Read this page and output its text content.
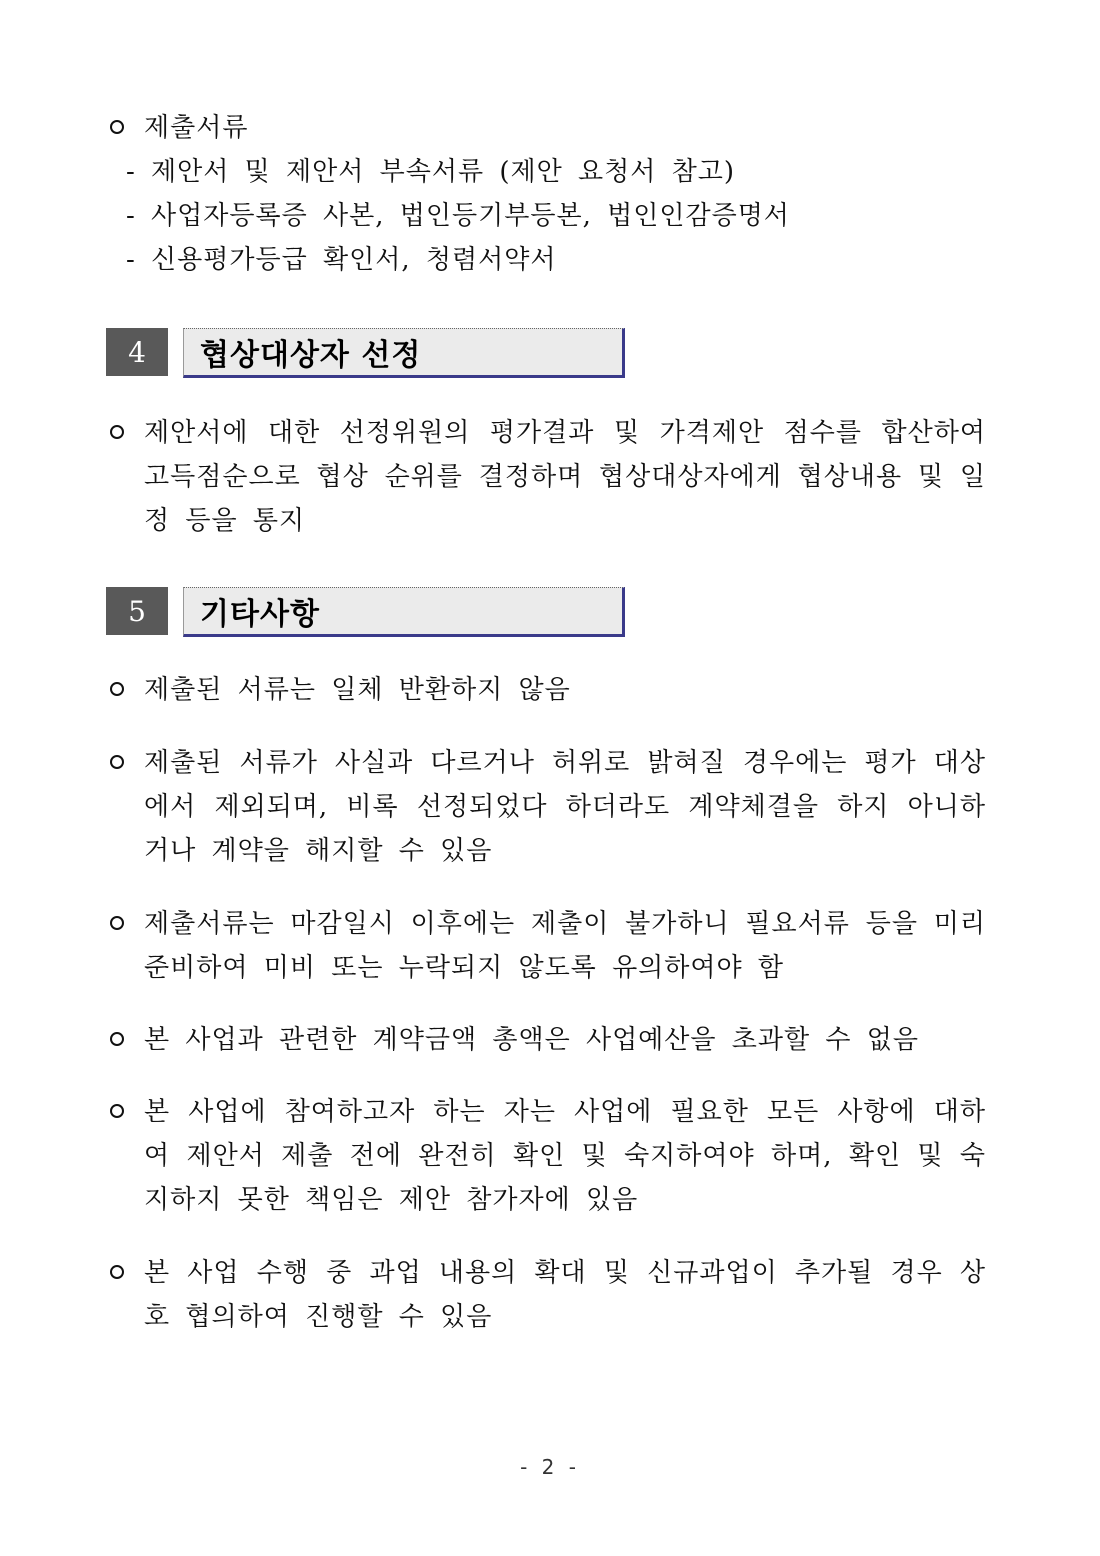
제출서류
- 제안서 및 제안서 부속서류 (제안 요청서 참고)
- 사업자등록증 사본, 법인등기부등본, 법인인감증명서
- 신용평가등급 확인서, 청렴서약서
4	협상대상자 선정
제안서에 대한 선정위원의 평가결과 및 가격제안 점수를 합산하여 고득점순으로 협상 순위를 결정하며 협상대상자에게 협상내용 및 일정 등을 통지
5	기타사항
제출된 서류는 일체 반환하지 않음
제출된 서류가 사실과 다르거나 허위로 밝혀질 경우에는 평가 대상에서 제외되며, 비록 선정되었다 하더라도 계약체결을 하지 아니하거나 계약을 해지할 수 있음
제출서류는 마감일시 이후에는 제출이 불가하니 필요서류 등을 미리 준비하여 미비 또는 누락되지 않도록 유의하여야 함
본 사업과 관련한 계약금액 총액은 사업예산을 초과할 수 없음
본 사업에 참여하고자 하는 자는 사업에 필요한 모든 사항에 대하여 제안서 제출 전에 완전히 확인 및 숙지하여야 하며, 확인 및 숙지하지 못한 책임은 제안 참가자에 있음
본 사업 수행 중 과업 내용의 확대 및 신규과업이 추가될 경우 상호 협의하여 진행할 수 있음
- 2 -
